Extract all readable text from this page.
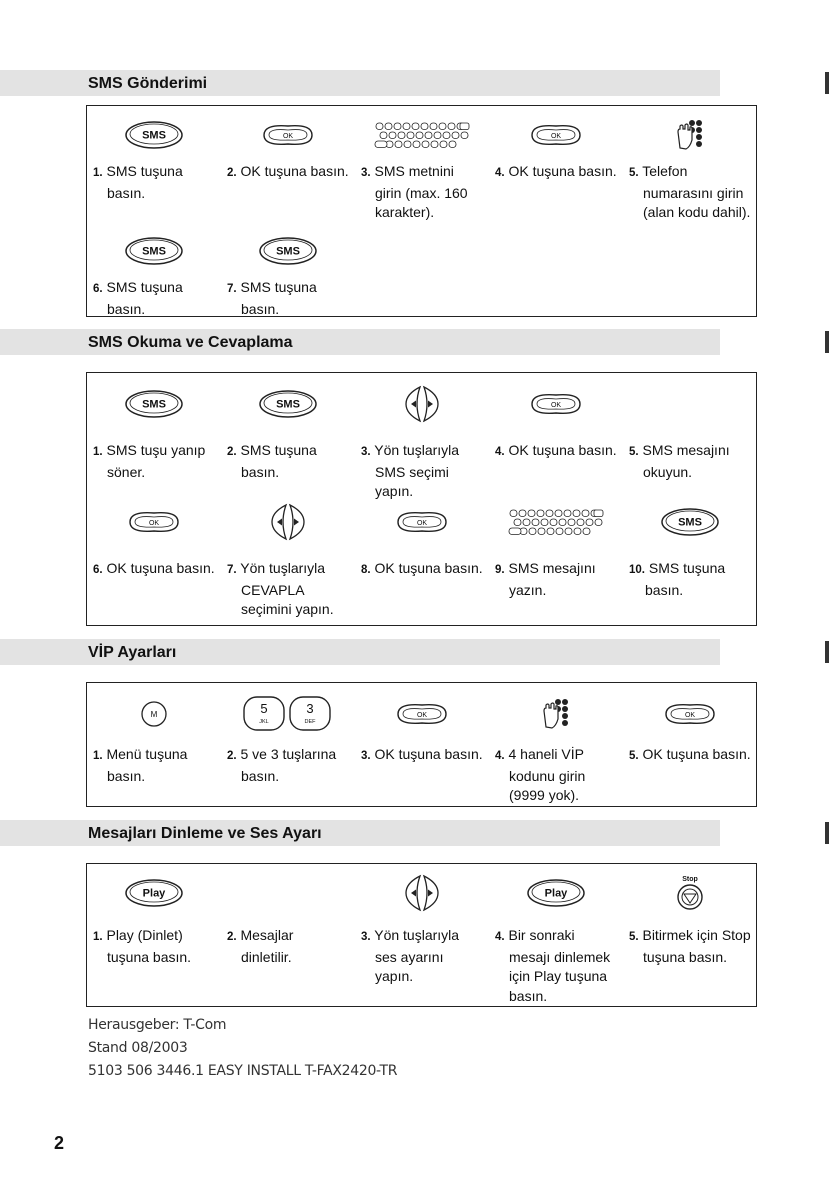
SMS Gönderimi
SMS
1. SMS tuşuna
basın.
OK
2. OK tuşuna basın. 3. SMS metnini
girin (max. 160
karakter).
OK
4. OK tuşuna basın. 5. Telefon
numarasını girin
(alan kodu dahil).
SMS
6. SMS tuşuna
basın.
SMS
7. SMS tuşuna
basın.
SMS Okuma ve Cevaplama
SMS
1. SMS tuşu yanıp
söner.
SMS
2. SMS tuşuna
basın.
3. Yön tuşlarıyla
SMS seçimi
yapın.
OK
4. OK tuşuna basın. 5. SMS mesajını
okuyun.
OK
6. OK tuşuna basın. 7. Yön tuşlarıyla
CEVAPLA
seçimini yapın.
OK
8. OK tuşuna basın. 9. SMS mesajını
yazın.
SMS
10. SMS tuşuna
basın.
VİP Ayarları
M
1. Menü tuşuna
basın.
5
JKL
3
DEF
2. 5 ve 3 tuşlarına
basın.
OK
3. OK tuşuna basın. 4. 4 haneli VİP
kodunu girin
(9999 yok).
OK
5. OK tuşuna basın.
Mesajları Dinleme ve Ses Ayarı
Play
1. Play (Dinlet)
tuşuna basın.
2. Mesajlar
dinletilir.
3. Yön tuşlarıyla
ses ayarını
yapın.
Play
4. Bir sonraki
mesajı dinlemek
için Play tuşuna
basın.
Stop
5. Bitirmek için Stop
tuşuna basın.
Herausgeber: T-Com
Stand 08/2003
5103 506 3446.1 EASY INSTALL T-FAX2420-TR
2
